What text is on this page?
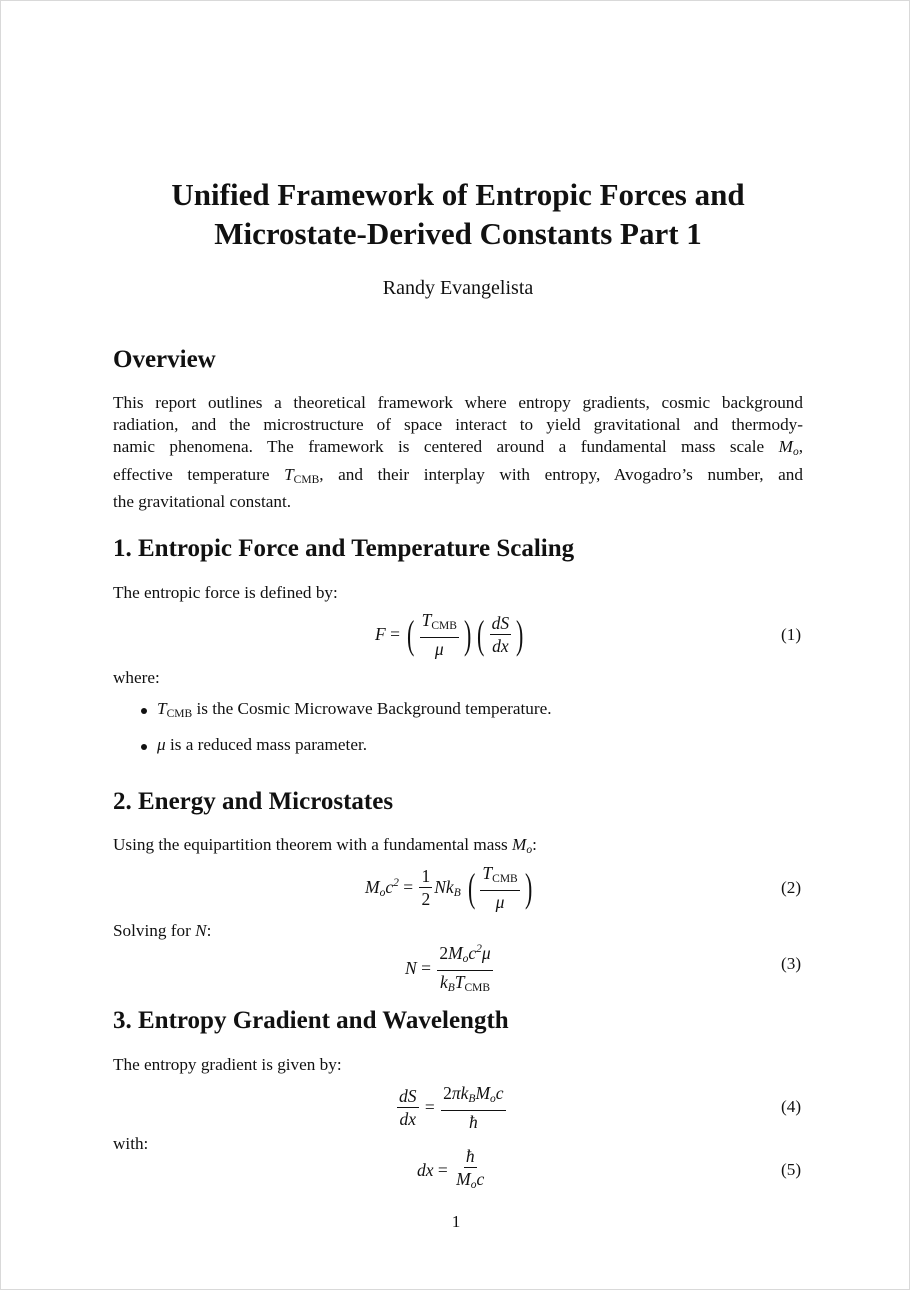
Unified Framework of Entropic Forces and
Microstate-Derived Constants Part 1
Randy Evangelista
Overview
This report outlines a theoretical framework where entropy gradients, cosmic background
radiation, and the microstructure of space interact to yield gravitational and thermody-
namic phenomena. The framework is centered around a fundamental mass scale $M_o$,
effective temperature $T_{CMB}$, and their interplay with entropy, Avogadro’s number, and
the gravitational constant.
1. Entropic Force and Temperature Scaling
The entropic force is defined by:
F = ( $\frac{T_{CMB}}{\mu}$ ) ( $\frac{dS}{dx}$ )	(1)
where:
$T_{CMB}$ is the Cosmic Microwave Background temperature.
μ is a reduced mass parameter.
2. Energy and Microstates
Using the equipartition theorem with a fundamental mass $M_o$:
$M_oc^2 = \frac{1}{2} Nk_B$
( $\frac{T_{CMB}}{\mu}$ )	(2)
Solving for N:
$N = \frac{2M_oc^2\mu}{k_BT_{CMB}}$	(3)
3. Entropy Gradient and Wavelength
The entropy gradient is given by:
$\frac{dS}{dx} = \frac{2\pi k_BM_oc}{ħ}$	(4)
with:
dx = $\frac{ħ}{M_oc}$	(5)
1
